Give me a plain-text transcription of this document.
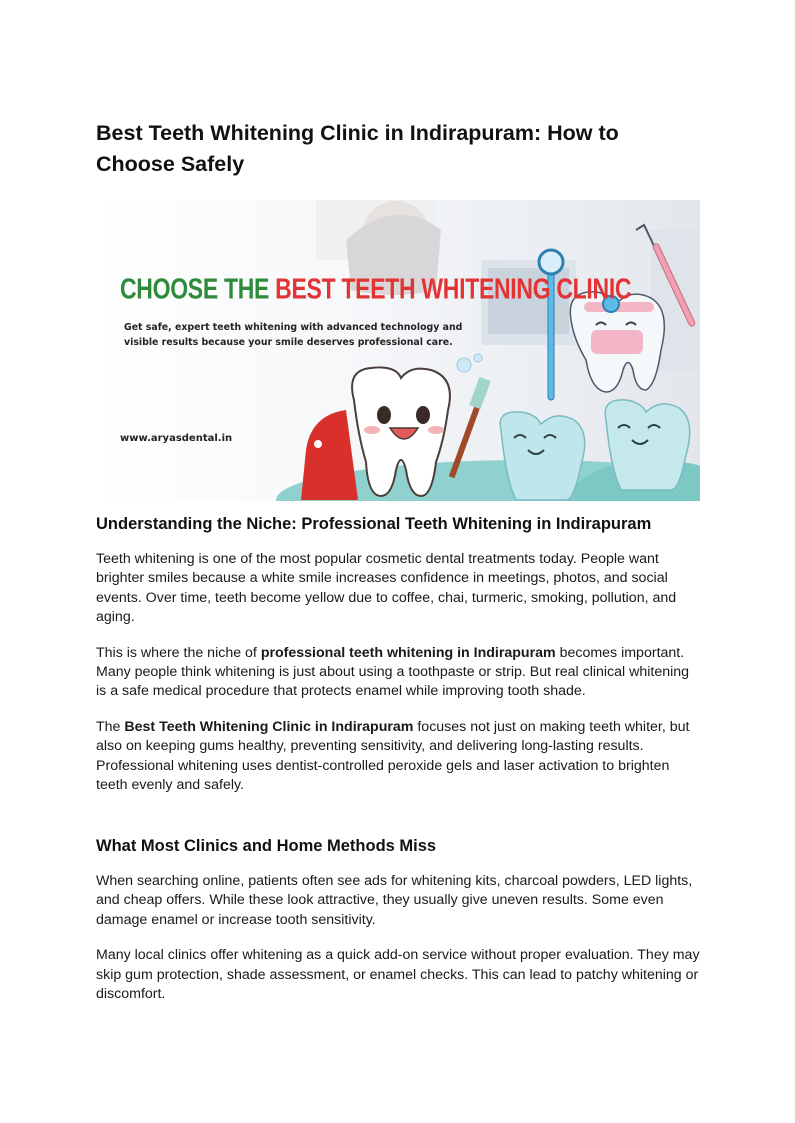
Best Teeth Whitening Clinic in Indirapuram: How to Choose Safely
CHOOSE THE BEST TEETH WHITENING CLINIC
Get safe, expert teeth whitening with advanced technology and visible results because your smile deserves professional care.
www.aryasdental.in
Understanding the Niche: Professional Teeth Whitening in Indirapuram

Teeth whitening is one of the most popular cosmetic dental treatments today. People want brighter smiles because a white smile increases confidence in meetings, photos, and social events. Over time, teeth become yellow due to coffee, chai, turmeric, smoking, pollution, and aging.

This is where the niche of professional teeth whitening in Indirapuram becomes important. Many people think whitening is just about using a toothpaste or strip. But real clinical whitening is a safe medical procedure that protects enamel while improving tooth shade.

The Best Teeth Whitening Clinic in Indirapuram focuses not just on making teeth whiter, but also on keeping gums healthy, preventing sensitivity, and delivering long-lasting results. Professional whitening uses dentist-controlled peroxide gels and laser activation to brighten teeth evenly and safely.

What Most Clinics and Home Methods Miss

When searching online, patients often see ads for whitening kits, charcoal powders, LED lights, and cheap offers. While these look attractive, they usually give uneven results. Some even damage enamel or increase tooth sensitivity.

Many local clinics offer whitening as a quick add-on service without proper evaluation. They may skip gum protection, shade assessment, or enamel checks. This can lead to patchy whitening or discomfort.
